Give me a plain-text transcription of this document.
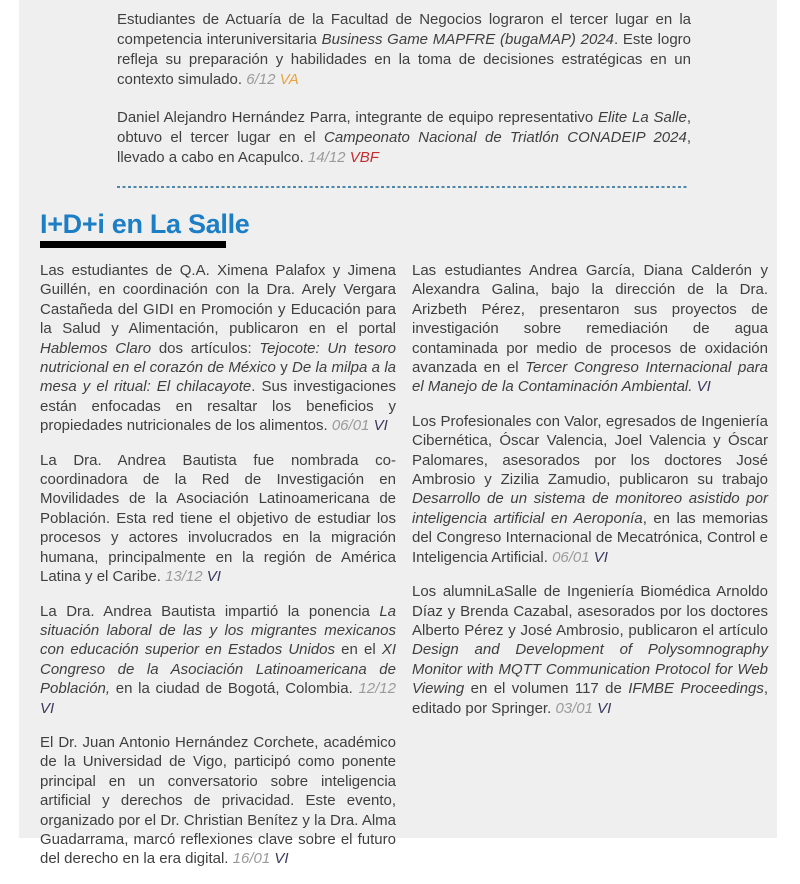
Estudiantes de Actuaría de la Facultad de Negocios lograron el tercer lugar en la competencia interuniversitaria Business Game MAPFRE (bugaMAP) 2024. Este logro refleja su preparación y habilidades en la toma de decisiones estratégicas en un contexto simulado. 6/12 VA

Daniel Alejandro Hernández Parra, integrante de equipo representativo Elite La Salle, obtuvo el tercer lugar en el Campeonato Nacional de Triatlón CONADEIP 2024, llevado a cabo en Acapulco. 14/12 VBF

I+D+i en La Salle

Las estudiantes de Q.A. Ximena Palafox y Jimena Guillén, en coordinación con la Dra. Arely Vergara Castañeda del GIDI en Promoción y Educación para la Salud y Alimentación, publicaron en el portal Hablemos Claro dos artículos: Tejocote: Un tesoro nutricional en el corazón de México y De la milpa a la mesa y el ritual: El chilacayote. Sus investigaciones están enfocadas en resaltar los beneficios y propiedades nutricionales de los alimentos. 06/01 VI

La Dra. Andrea Bautista fue nombrada co-coordinadora de la Red de Investigación en Movilidades de la Asociación Latinoamericana de Población. Esta red tiene el objetivo de estudiar los procesos y actores involucrados en la migración humana, principalmente en la región de América Latina y el Caribe. 13/12 VI

La Dra. Andrea Bautista impartió la ponencia La situación laboral de las y los migrantes mexicanos con educación superior en Estados Unidos en el XI Congreso de la Asociación Latinoamericana de Población, en la ciudad de Bogotá, Colombia. 12/12 VI

El Dr. Juan Antonio Hernández Corchete, académico de la Universidad de Vigo, participó como ponente principal en un conversatorio sobre inteligencia artificial y derechos de privacidad. Este evento, organizado por el Dr. Christian Benítez y la Dra. Alma Guadarrama, marcó reflexiones clave sobre el futuro del derecho en la era digital. 16/01 VI

Las estudiantes Andrea García, Diana Calderón y Alexandra Galina, bajo la dirección de la Dra. Arizbeth Pérez, presentaron sus proyectos de investigación sobre remediación de agua contaminada por medio de procesos de oxidación avanzada en el Tercer Congreso Internacional para el Manejo de la Contaminación Ambiental. VI

Los Profesionales con Valor, egresados de Ingeniería Cibernética, Óscar Valencia, Joel Valencia y Óscar Palomares, asesorados por los doctores José Ambrosio y Zizilia Zamudio, publicaron su trabajo Desarrollo de un sistema de monitoreo asistido por inteligencia artificial en Aeroponía, en las memorias del Congreso Internacional de Mecatrónica, Control e Inteligencia Artificial. 06/01 VI

Los alumniLaSalle de Ingeniería Biomédica Arnoldo Díaz y Brenda Cazabal, asesorados por los doctores Alberto Pérez y José Ambrosio, publicaron el artículo Design and Development of Polysomnography Monitor with MQTT Communication Protocol for Web Viewing en el volumen 117 de IFMBE Proceedings, editado por Springer. 03/01 VI
